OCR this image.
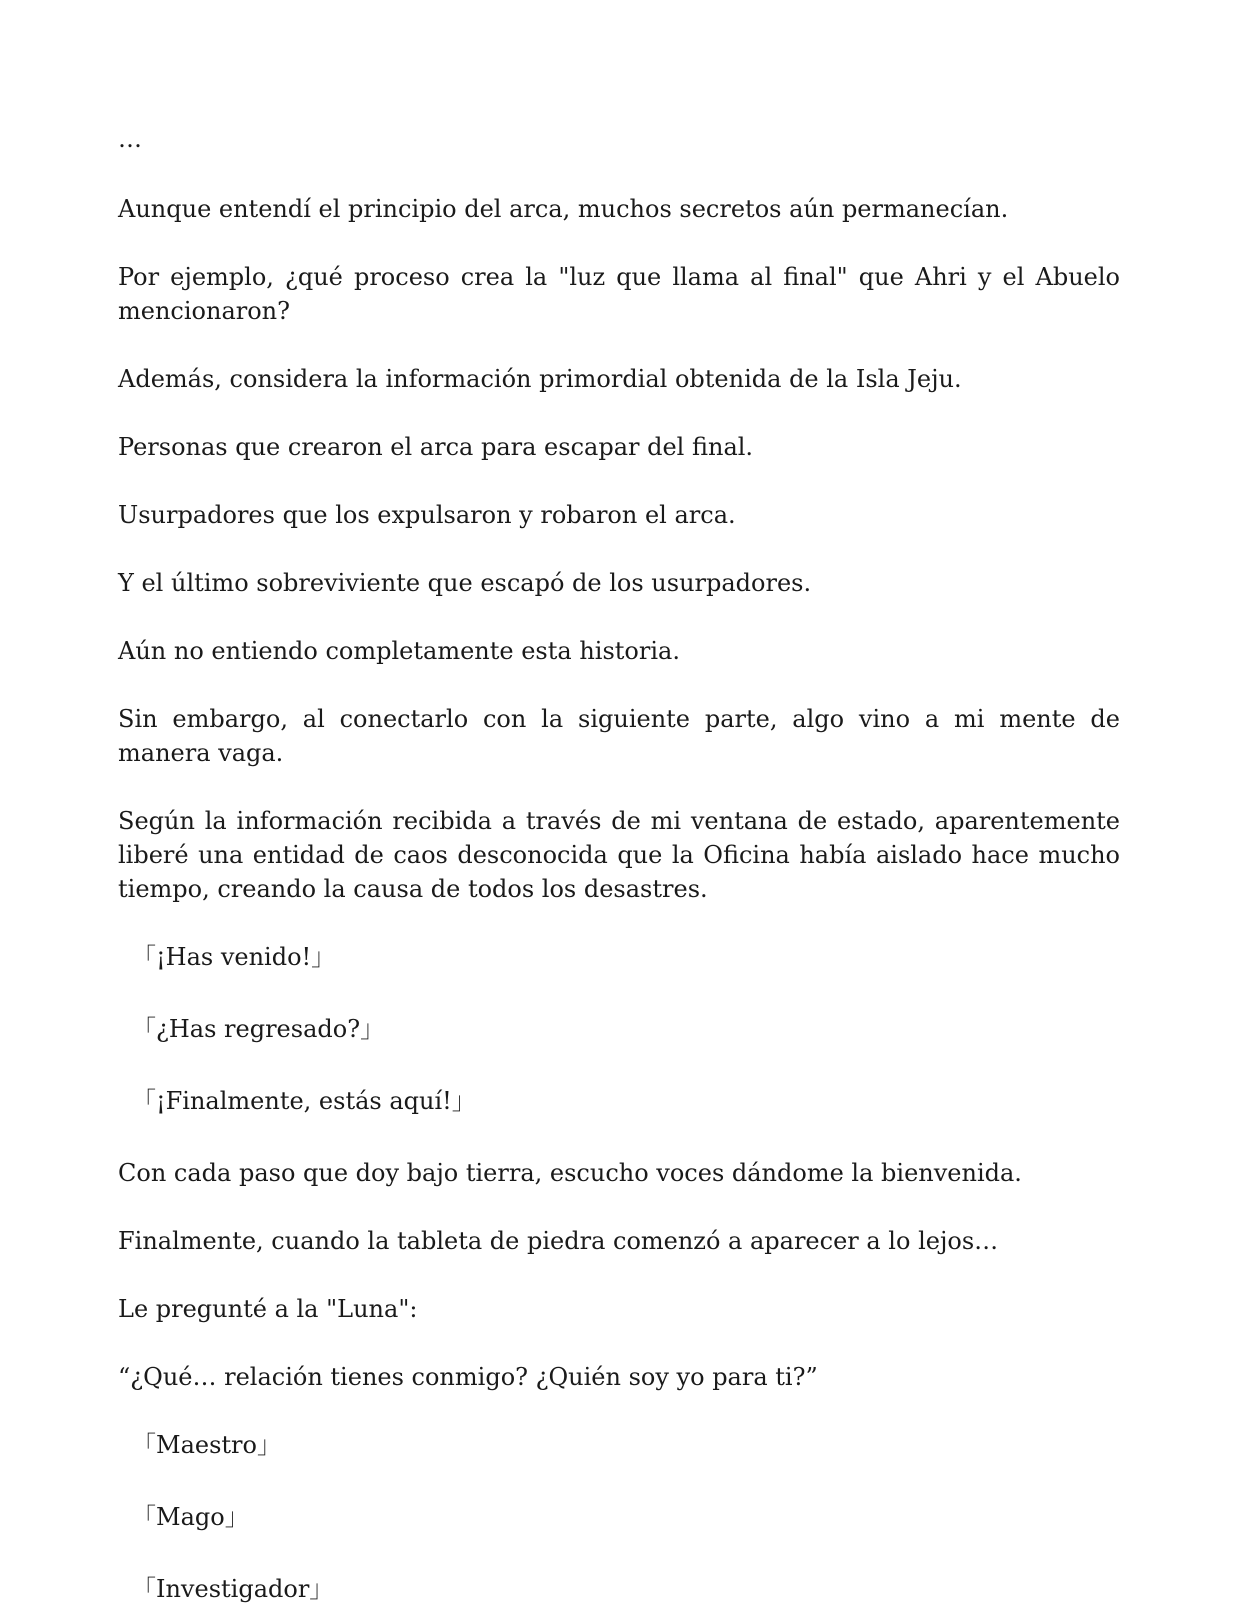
…

Aunque entendí el principio del arca, muchos secretos aún permanecían.

Por ejemplo, ¿qué proceso crea la "luz que llama al final" que Ahri y el Abuelo mencionaron?

Además, considera la información primordial obtenida de la Isla Jeju.

Personas que crearon el arca para escapar del final.

Usurpadores que los expulsaron y robaron el arca.

Y el último sobreviviente que escapó de los usurpadores.

Aún no entiendo completamente esta historia.

Sin embargo, al conectarlo con la siguiente parte, algo vino a mi mente de manera vaga.

Según la información recibida a través de mi ventana de estado, aparentemente liberé una entidad de caos desconocida que la Oficina había aislado hace mucho tiempo, creando la causa de todos los desastres.

「¡Has venido!」

「¿Has regresado?」

「¡Finalmente, estás aquí!」

Con cada paso que doy bajo tierra, escucho voces dándome la bienvenida.

Finalmente, cuando la tableta de piedra comenzó a aparecer a lo lejos…

Le pregunté a la "Luna":

“¿Qué… relación tienes conmigo? ¿Quién soy yo para ti?”

「Maestro」

「Mago」

「Investigador」
